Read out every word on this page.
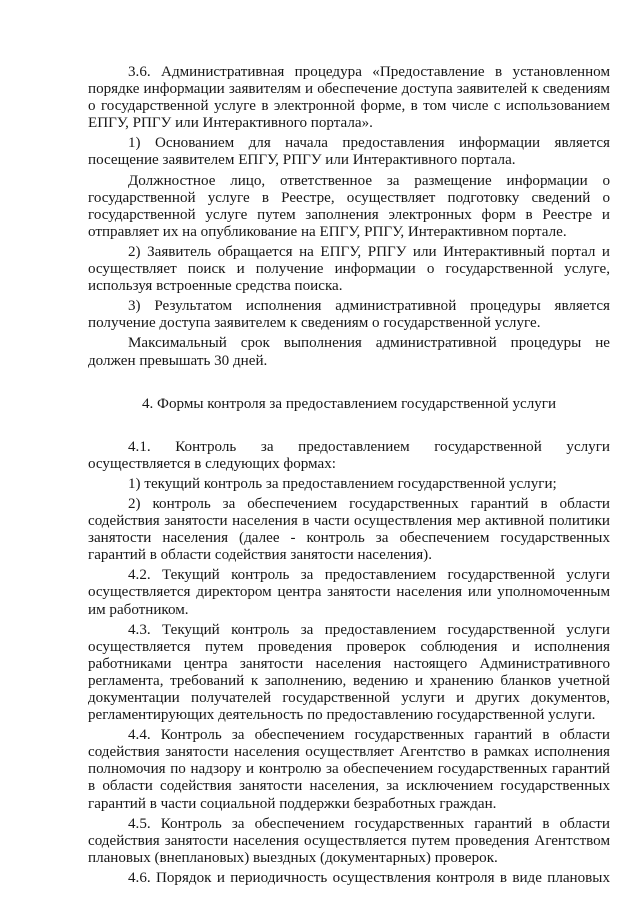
3.6. Административная процедура «Предоставление в установленном порядке информации заявителям и обеспечение доступа заявителей к сведениям о государственной услуге в электронной форме, в том числе с использованием ЕПГУ, РПГУ или Интерактивного портала».

1) Основанием для начала предоставления информации является посещение заявителем ЕПГУ, РПГУ или Интерактивного портала.

Должностное лицо, ответственное за размещение информации о государственной услуге в Реестре, осуществляет подготовку сведений о государственной услуге путем заполнения электронных форм в Реестре и отправляет их на опубликование на ЕПГУ, РПГУ, Интерактивном портале.

2) Заявитель обращается на ЕПГУ, РПГУ или Интерактивный портал и осуществляет поиск и получение информации о государственной услуге, используя встроенные средства поиска.

3) Результатом исполнения административной процедуры является получение доступа заявителем к сведениям о государственной услуге.

Максимальный срок выполнения административной процедуры не должен превышать 30 дней.

4. Формы контроля за предоставлением государственной услуги

4.1. Контроль за предоставлением государственной услуги осуществляется в следующих формах:

1) текущий контроль за предоставлением государственной услуги;

2) контроль за обеспечением государственных гарантий в области содействия занятости населения в части осуществления мер активной политики занятости населения (далее - контроль за обеспечением государственных гарантий в области содействия занятости населения).

4.2. Текущий контроль за предоставлением государственной услуги осуществляется директором центра занятости населения или уполномоченным им работником.

4.3. Текущий контроль за предоставлением государственной услуги осуществляется путем проведения проверок соблюдения и исполнения работниками центра занятости населения настоящего Административного регламента, требований к заполнению, ведению и хранению бланков учетной документации получателей государственной услуги и других документов, регламентирующих деятельность по предоставлению государственной услуги.

4.4. Контроль за обеспечением государственных гарантий в области содействия занятости населения осуществляет Агентство в рамках исполнения полномочия по надзору и контролю за обеспечением государственных гарантий в области содействия занятости населения, за исключением государственных гарантий в части социальной поддержки безработных граждан.

4.5. Контроль за обеспечением государственных гарантий в области содействия занятости населения осуществляется путем проведения Агентством плановых (внеплановых) выездных (документарных) проверок.

4.6. Порядок и периодичность осуществления контроля в виде плановых
